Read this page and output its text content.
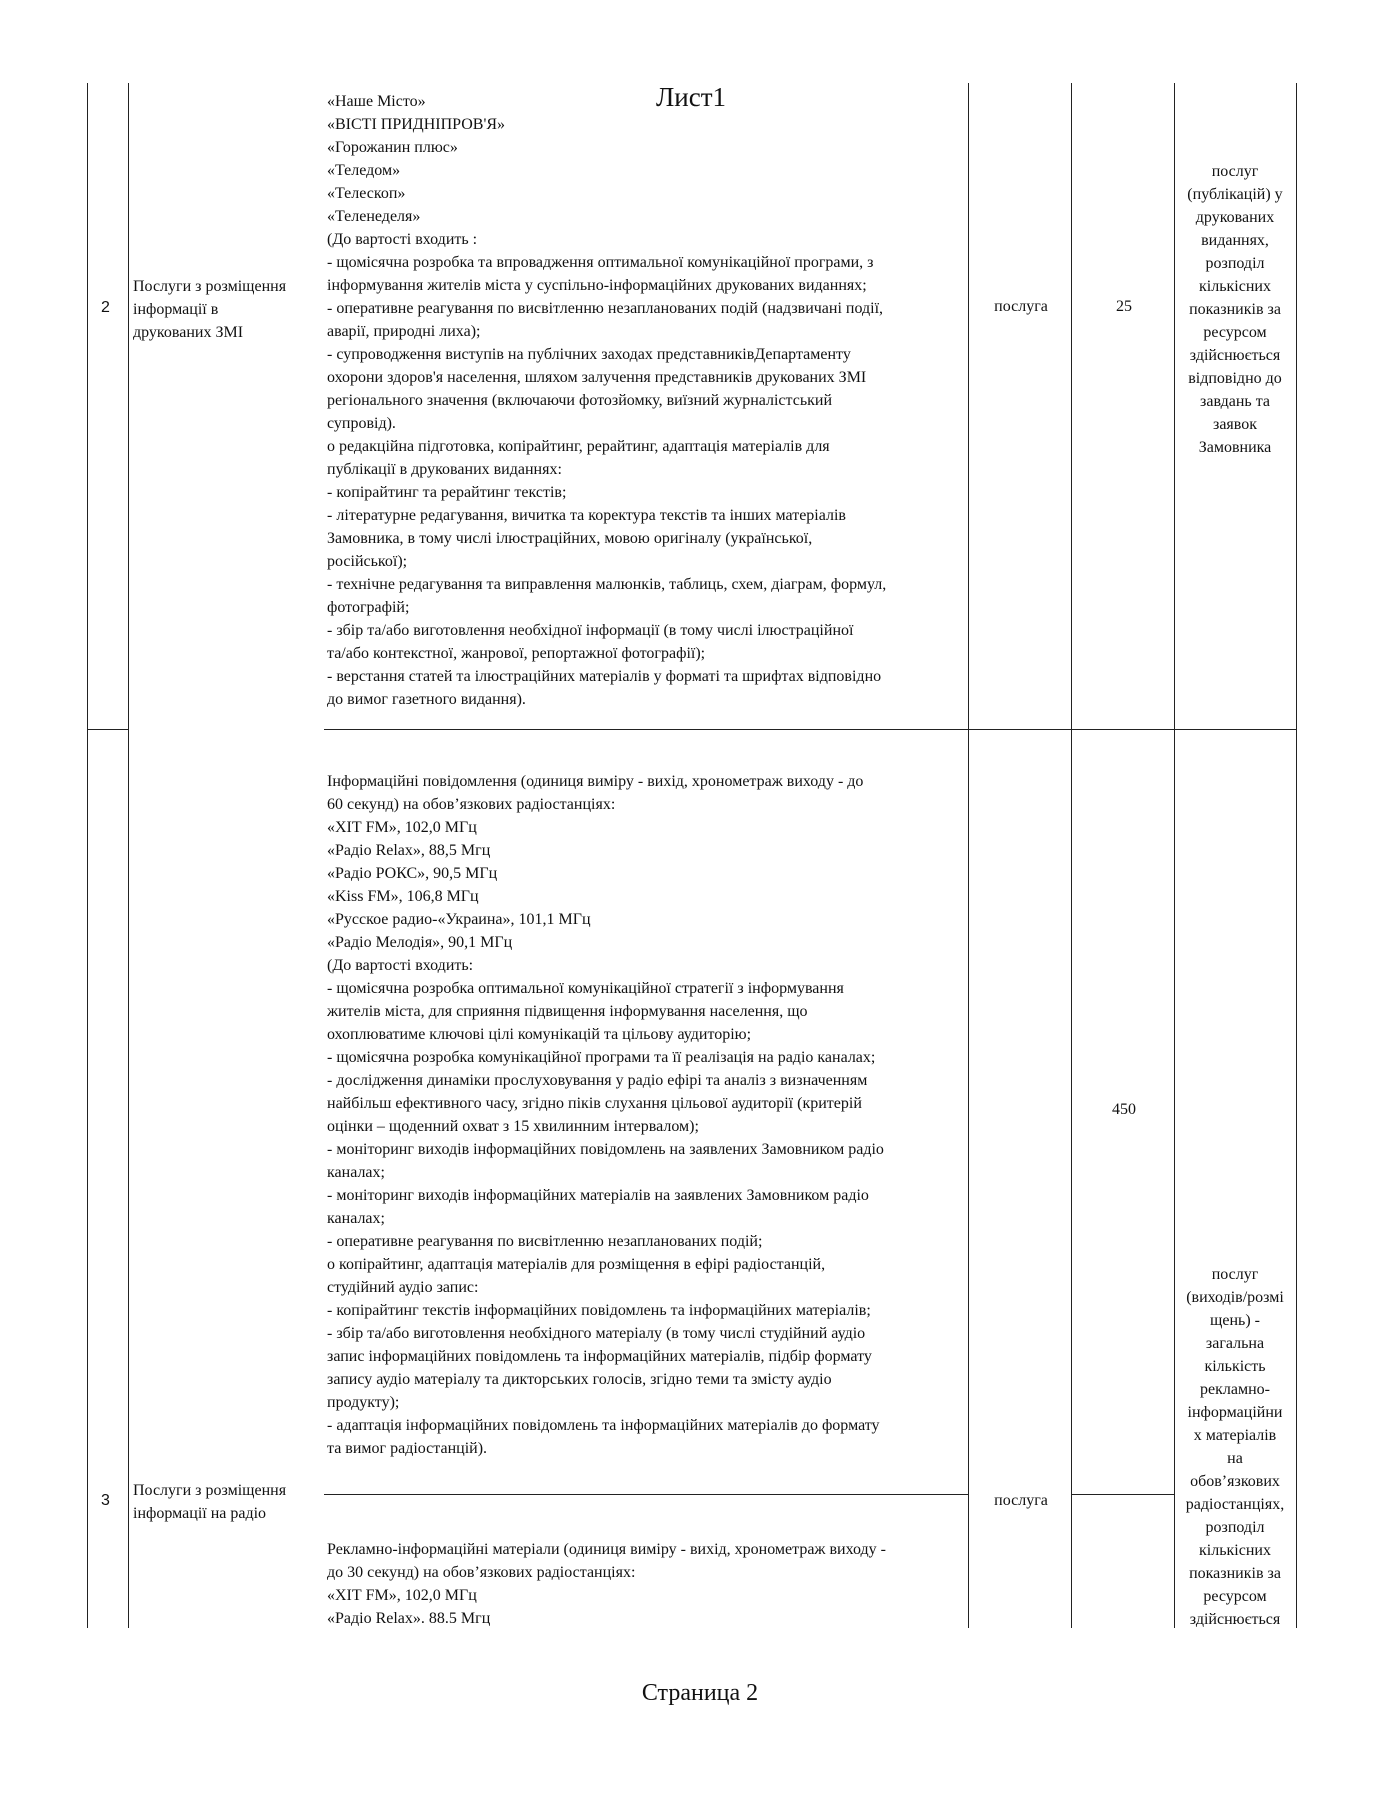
Лист1
2
Послуги з розміщення
інформації в
друкованих ЗМІ
«Наше Місто»
«ВІСТІ ПРИДНІПРОВ'Я»
«Горожанин плюс»
«Теледом»
«Телескоп»
«Теленеделя»
(До вартості входить :
- щомісячна розробка та впровадження оптимальної комунікаційної програми, з
інформування жителів міста у суспільно-інформаційних друкованих виданнях;
- оперативне реагування по висвітленню незапланованих подій (надзвичані події,
аварії, природні лиха);
- супроводження виступів на публічних заходах представниківДепартаменту
охорони здоров'я населення, шляхом залучення представників друкованих ЗМІ
регіонального значення (включаючи фотозйомку, виїзний журналістський
супровід).
о редакційна підготовка, копірайтинг, рерайтинг, адаптація матеріалів для
публікації в друкованих виданнях:
- копірайтинг та рерайтинг текстів;
- літературне редагування, вичитка та коректура текстів та інших матеріалів
Замовника, в тому числі ілюстраційних, мовою оригіналу (української,
російської);
- технічне редагування та виправлення малюнків, таблиць, схем, діаграм, формул,
фотографій;
- збір та/або виготовлення необхідної інформації (в тому числі ілюстраційної
та/або контекстної, жанрової, репортажної фотографії);
- верстання статей та ілюстраційних матеріалів у форматі та шрифтах відповідно
до вимог газетного видання).
послуга	25
послуг
(публікацій) у
друкованих
виданнях,
розподіл
кількісних
показників за
ресурсом
здійснюється
відповідно до
завдань та
заявок
Замовника
3
Послуги з розміщення
інформації на радіо
Інформаційні повідомлення (одиниця виміру - вихід, хронометраж виходу - до
60 секунд) на обов’язкових радіостанціях:
«ХІТ FM», 102,0 МГц
«Радіо Relax», 88,5 Мгц
«Радіо РОКС», 90,5 МГц
«Kiss FM», 106,8 МГц
«Русское радио-«Украина», 101,1 МГц
«Радіо Мелодія», 90,1 МГц
(До вартості входить:
- щомісячна розробка оптимальної комунікаційної стратегії з інформування
жителів міста, для сприяння підвищення інформування населення, що
охоплюватиме ключові цілі комунікацій та цільову аудиторію;
- щомісячна розробка комунікаційної програми та її реалізація на радіо каналах;
- дослідження динаміки прослуховування у радіо ефірі та аналіз з визначенням
найбільш ефективного часу, згідно піків слухання цільової аудиторії (критерій
оцінки – щоденний охват з 15 хвилинним інтервалом);
- моніторинг виходів інформаційних повідомлень на заявлених Замовником радіо
каналах;
- моніторинг виходів інформаційних матеріалів на заявлених Замовником радіо
каналах;
- оперативне реагування по висвітленню незапланованих подій;
о копірайтинг, адаптація матеріалів для розміщення в ефірі радіостанцій,
студійний аудіо запис:
- копірайтинг текстів інформаційних повідомлень та інформаційних матеріалів;
- збір та/або виготовлення необхідного матеріалу (в тому числі студійний аудіо
запис інформаційних повідомлень та інформаційних матеріалів, підбір формату
запису аудіо матеріалу та дикторських голосів, згідно теми та змісту аудіо
продукту);
- адаптація інформаційних повідомлень та інформаційних матеріалів до формату
та вимог радіостанцій).
Рекламно-інформаційні матеріали (одиниця виміру - вихід, хронометраж виходу -
до 30 секунд) на обов’язкових радіостанціях:
«ХІТ FM», 102,0 МГц
«Радіо Relax». 88.5 Мгц
послуга
450
послуг
(виходів/розмі
щень) -
загальна
кількість
рекламно-
інформаційни
х матеріалів
на
обов’язкових
радіостанціях,
розподіл
кількісних
показників за
ресурсом
здійснюється
Страница 2
